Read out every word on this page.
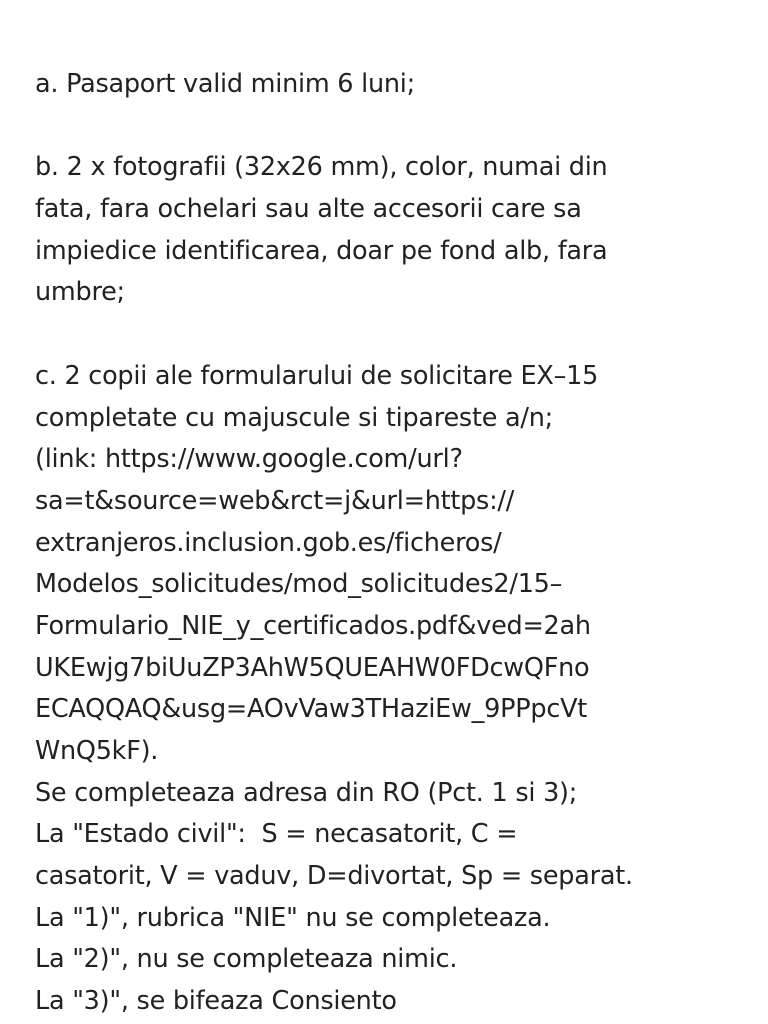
a. Pasaport valid minim 6 luni;
b. 2 x fotografii (32x26 mm), color, numai din
fata, fara ochelari sau alte accesorii care sa
impiedice identificarea, doar pe fond alb, fara
umbre;
c. 2 copii ale formularului de solicitare EX–15
completate cu majuscule si tipareste a/n;
(link: https://www.google.com/url?
sa=t&source=web&rct=j&url=https://
extranjeros.inclusion.gob.es/ficheros/
Modelos_solicitudes/mod_solicitudes2/15–
Formulario_NIE_y_certificados.pdf&ved=2ah
UKEwjg7biUuZP3AhW5QUEAHW0FDcwQFno
ECAQQAQ&usg=AOvVaw3THaziEw_9PPpcVt
WnQ5kF).
Se completeaza adresa din RO (Pct. 1 si 3);
La "Estado civil":  S = necasatorit, C =
casatorit, V = vaduv, D=divortat, Sp = separat.
La "1)", rubrica "NIE" nu se completeaza.
La "2)", nu se completeaza nimic.
La "3)", se bifeaza Consiento
